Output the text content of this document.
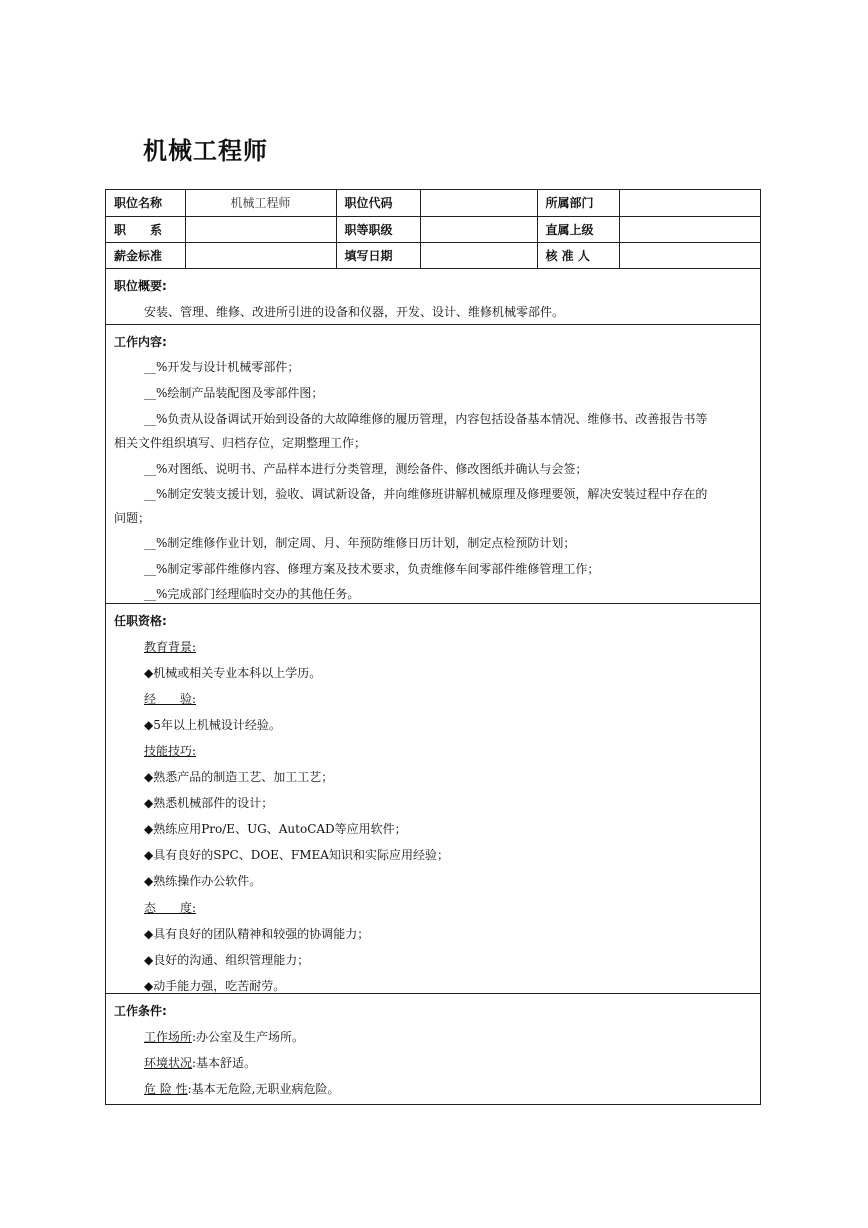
机械工程师
职位名称	机械工程师	职位代码		所属部门	
职　　系		职等职级		直属上级	
薪金标准		填写日期		核 准 人	
职位概要:
安装、管理、维修、改进所引进的设备和仪器，开发、设计、维修机械零部件。
工作内容:
__%开发与设计机械零部件；
__%绘制产品装配图及零部件图；
__%负责从设备调试开始到设备的大故障维修的履历管理，内容包括设备基本情况、维修书、改善报告书等
相关文件组织填写、归档存位，定期整理工作；
__%对图纸、说明书、产品样本进行分类管理，测绘备件、修改图纸并确认与会签；
__%制定安装支援计划，验收、调试新设备，并向维修班讲解机械原理及修理要领，解决安装过程中存在的
问题；
__%制定维修作业计划，制定周、月、年预防维修日历计划，制定点检预防计划；
__%制定零部件维修内容、修理方案及技术要求，负责维修车间零部件维修管理工作；
__%完成部门经理临时交办的其他任务。
任职资格:
教育背景:
◆机械或相关专业本科以上学历。
经　　验:
◆5年以上机械设计经验。
技能技巧:
◆熟悉产品的制造工艺、加工工艺；
◆熟悉机械部件的设计；
◆熟练应用Pro/E、UG、AutoCAD等应用软件；
◆具有良好的SPC、DOE、FMEA知识和实际应用经验；
◆熟练操作办公软件。
态　　度:
◆具有良好的团队精神和较强的协调能力；
◆良好的沟通、组织管理能力；
◆动手能力强，吃苦耐劳。
工作条件:
工作场所:办公室及生产场所。
环境状况:基本舒适。
危 险 性:基本无危险,无职业病危险。
